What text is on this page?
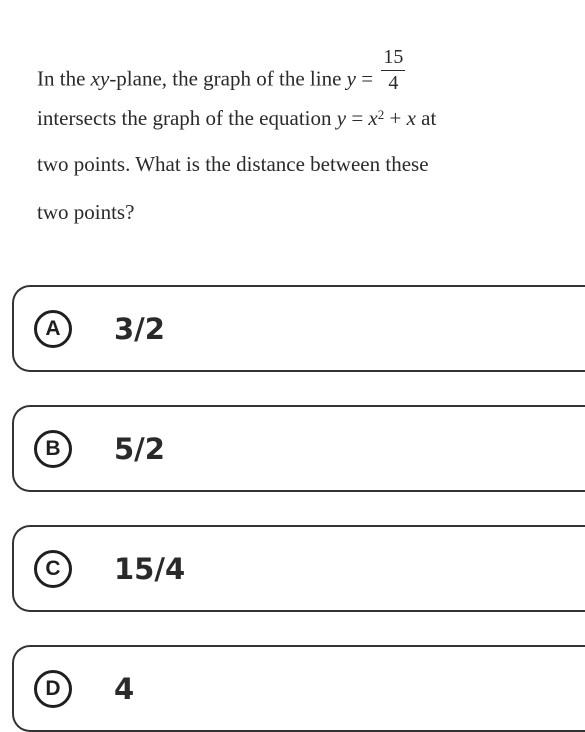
In the xy-plane, the graph of the line $y = \frac{15}{4}$
intersects the graph of the equation $y = x^2 + x$ at
two points. What is the distance between these
two points?
A	3/2
B	5/2
C	15/4
D	4
